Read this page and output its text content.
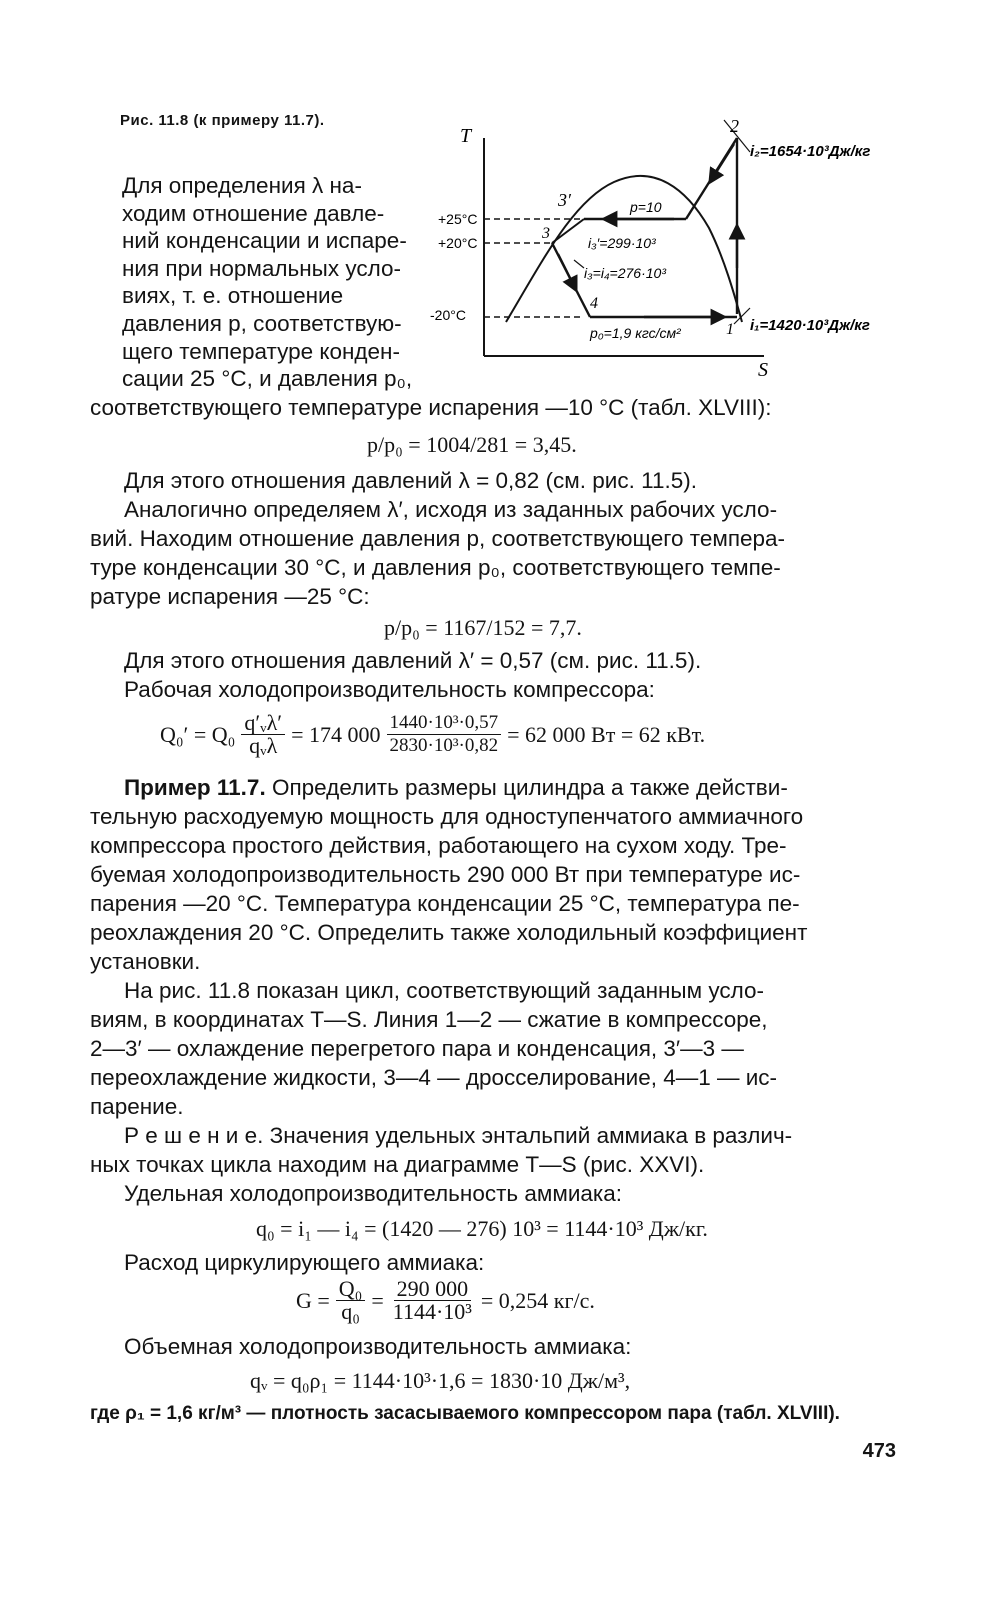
Рис. 11.8 (к примеру 11.7).
Для определения λ на-
ходим отношение давле-
ний конденсации и испаре-
ния при нормальных усло-
виях, т. е. отношение
давления p, соответствую-
щего температуре конден-
сации 25 °С, и давления p₀,
T
S
+25°C
+20°C
-20°C
2
3′
3
4
1
i₂=1654·10³Дж/кг
p=10
i₃′=299·10³
i₃=i₄=276·10³
p₀=1,9 кгс/см²	i₁=1420·10³Дж/кг
соответствующего температуре испарения —10 °С (табл. XLVIII):
p/p₀ = 1004/281 = 3,45.
Для этого отношения давлений λ = 0,82 (см. рис. 11.5).
Аналогично определяем λ′, исходя из заданных рабочих усло-
вий. Находим отношение давления p, соответствующего темпера-
туре конденсации 30 °С, и давления p₀, соответствующего темпе-
ратуре испарения —25 °С:
p/p₀ = 1167/152 = 7,7.
Для этого отношения давлений λ′ = 0,57 (см. рис. 11.5).
Рабочая холодопроизводительность компрессора:
$Q_0' = Q_0 \frac{\text{q′ᵥλ′}}{\text{qᵥλ}} = 174$ $000 \frac{\text{1440·10³·0,57}}{\text{2830·10³·0,82}} = 62$ 000 Вт = 62 кВт.
Пример 11.7. Определить размеры цилиндра а также действи-
тельную расходуемую мощность для одноступенчатого аммиачного
компрессора простого действия, работающего на сухом ходу. Тре-
буемая холодопроизводительность 290 000 Вт при температуре ис-
парения —20 °С. Температура конденсации 25 °С, температура пе-
реохлаждения 20 °С. Определить также холодильный коэффициент
установки.
На рис. 11.8 показан цикл, соответствующий заданным усло-
виям, в координатах T—S. Линия 1—2 — сжатие в компрессоре,
2—3′ — охлаждение перегретого пара и конденсация, 3′—3 —
переохлаждение жидкости, 3—4 — дросселирование, 4—1 — ис-
парение.
Р е ш е н и е. Значения удельных энтальпий аммиака в различ-
ных точках цикла находим на диаграмме T—S (рис. XXVI).
Удельная холодопроизводительность аммиака:
q₀ = i₁ — i₄ = (1420 — 276) 10³ = 1144·10³ Дж/кг.
Расход циркулирующего аммиака:
$G = \frac{\text{Q₀}}{\text{q₀}} = \frac{290 000}{\text{1144·10³}} = 0,254$ кг/с.
Объемная холодопроизводительность аммиака:
qᵥ = q₀ρ₁ = 1144·10³·1,6 = 1830·10 Дж/м³,
где ρ₁ = 1,6 кг/м³ — плотность засасываемого компрессором пара (табл. XLVIII).
473
